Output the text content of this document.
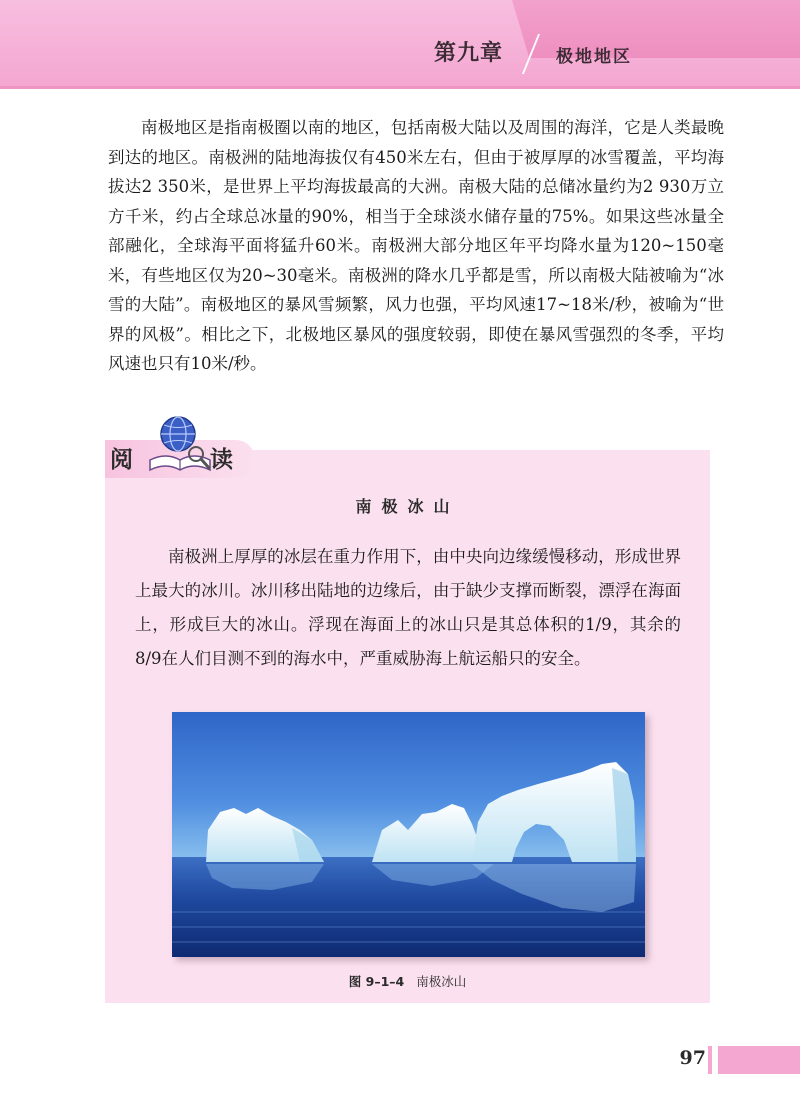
第九章	极地地区

南极地区是指南极圈以南的地区，包括南极大陆以及周围的海洋，它是人类最晚到达的地区。南极洲的陆地海拔仅有450米左右，但由于被厚厚的冰雪覆盖，平均海拔达2 350米，是世界上平均海拔最高的大洲。南极大陆的总储冰量约为2 930万立方千米，约占全球总冰量的90%，相当于全球淡水储存量的75%。如果这些冰量全部融化，全球海平面将猛升60米。南极洲大部分地区年平均降水量为120~150毫米，有些地区仅为20~30毫米。南极洲的降水几乎都是雪，所以南极大陆被喻为“冰雪的大陆”。南极地区的暴风雪频繁，风力也强，平均风速17~18米/秒，被喻为“世界的风极”。相比之下，北极地区暴风的强度较弱，即使在暴风雪强烈的冬季，平均风速也只有10米/秒。

阅	读
南极冰山

南极洲上厚厚的冰层在重力作用下，由中央向边缘缓慢移动，形成世界上最大的冰川。冰川移出陆地的边缘后，由于缺少支撑而断裂，漂浮在海面上，形成巨大的冰山。浮现在海面上的冰山只是其总体积的1/9，其余的8/9在人们目测不到的海水中，严重威胁海上航运船只的安全。

图 9–1–4 南极冰山
97
